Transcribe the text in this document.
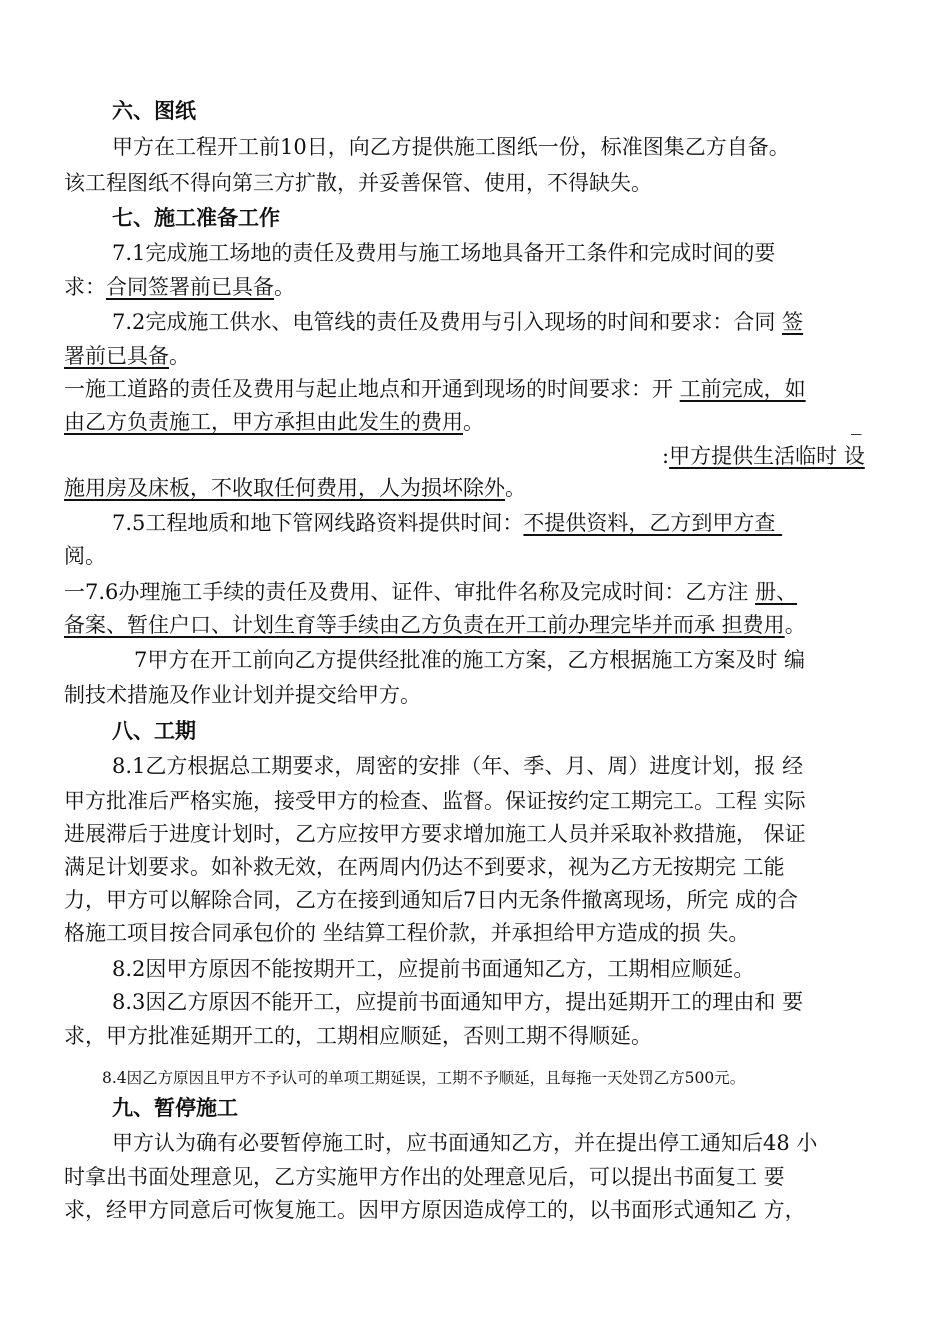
六、图纸
甲方在工程开工前10日，向乙方提供施工图纸一份，标准图集乙方自备。
该工程图纸不得向第三方扩散，并妥善保管、使用，不得缺失。
七、施工准备工作
7.1完成施工场地的责任及费用与施工场地具备开工条件和完成时间的要
求：合同签署前已具备。
7.2完成施工供水、电管线的责任及费用与引入现场的时间和要求：合同 签
署前已具备。
一施工道路的责任及费用与起止地点和开通到现场的时间要求：开 工前完成，如
由乙方负责施工，甲方承担由此发生的费用。	_
:甲方提供生活临时 设
施用房及床板，不收取任何费用，人为损坏除外。
7.5工程地质和地下管网线路资料提供时间：不提供资料，乙方到甲方查
阅。
一7.6办理施工手续的责任及费用、证件、审批件名称及完成时间：乙方注 册、
备案、暂住户口、计划生育等手续由乙方负责在开工前办理完毕并而承 担费用。
7甲方在开工前向乙方提供经批准的施工方案，乙方根据施工方案及时 编
制技术措施及作业计划并提交给甲方。
八、工期
8.1乙方根据总工期要求，周密的安排（年、季、月、周）进度计划，报 经
甲方批准后严格实施，接受甲方的检查、监督。保证按约定工期完工。工程 实际
进展滞后于进度计划时，乙方应按甲方要求增加施工人员并采取补救措施， 保证
满足计划要求。如补救无效，在两周内仍达不到要求，视为乙方无按期完 工能
力，甲方可以解除合同，乙方在接到通知后7日内无条件撤离现场，所完 成的合
格施工项目按合同承包价的 坐结算工程价款，并承担给甲方造成的损 失。
8.2因甲方原因不能按期开工，应提前书面通知乙方，工期相应顺延。
8.3因乙方原因不能开工，应提前书面通知甲方，提出延期开工的理由和 要
求，甲方批准延期开工的，工期相应顺延，否则工期不得顺延。
8.4因乙方原因且甲方不予认可的单项工期延误，工期不予顺延，且每拖一天处罚乙方500元。
九、暂停施工
甲方认为确有必要暂停施工时，应书面通知乙方，并在提出停工通知后48 小
时拿出书面处理意见，乙方实施甲方作出的处理意见后，可以提出书面复工 要
求，经甲方同意后可恢复施工。因甲方原因造成停工的，以书面形式通知乙 方，
